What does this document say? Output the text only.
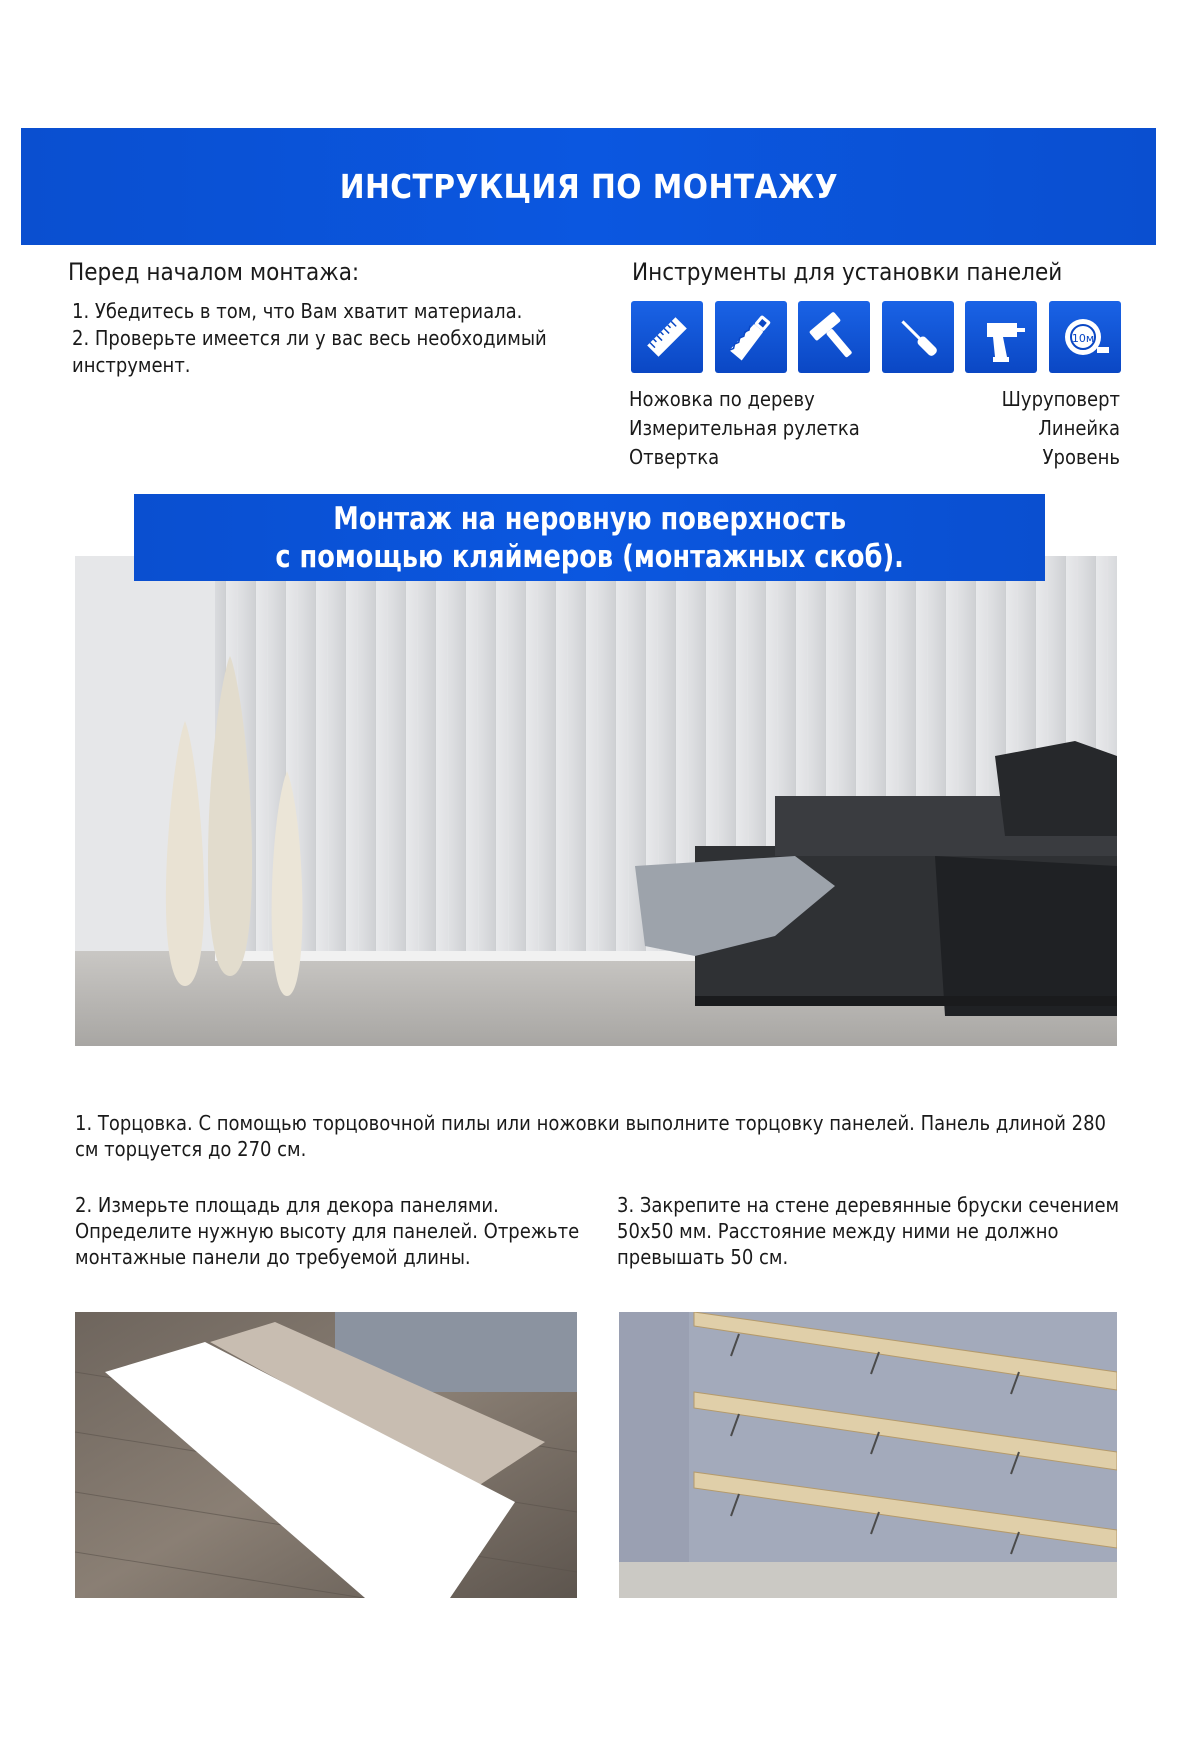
ИНСТРУКЦИЯ ПО МОНТАЖУ
Перед началом монтажа:
1. Убедитесь в том, что Вам хватит материала.
2. Проверьте имеется ли у вас весь необходимый инструмент.
Инструменты для установки панелей
10м
Ножовка по дереву
Измерительная рулетка
Отвертка
Шуруповерт
Линейка
Уровень
Монтаж на неровную поверхность
с помощью кляймеров (монтажных скоб).
1. Торцовка. С помощью торцовочной пилы или ножовки выполните торцовку панелей. Панель длиной 280 см торцуется до 270 см.
2. Измерьте площадь для декора панелями. Определите нужную высоту для панелей. Отрежьте монтажные панели до требуемой длины.
3. Закрепите на стене деревянные бруски сечением 50х50 мм. Расстояние между ними не должно превышать 50 см.
